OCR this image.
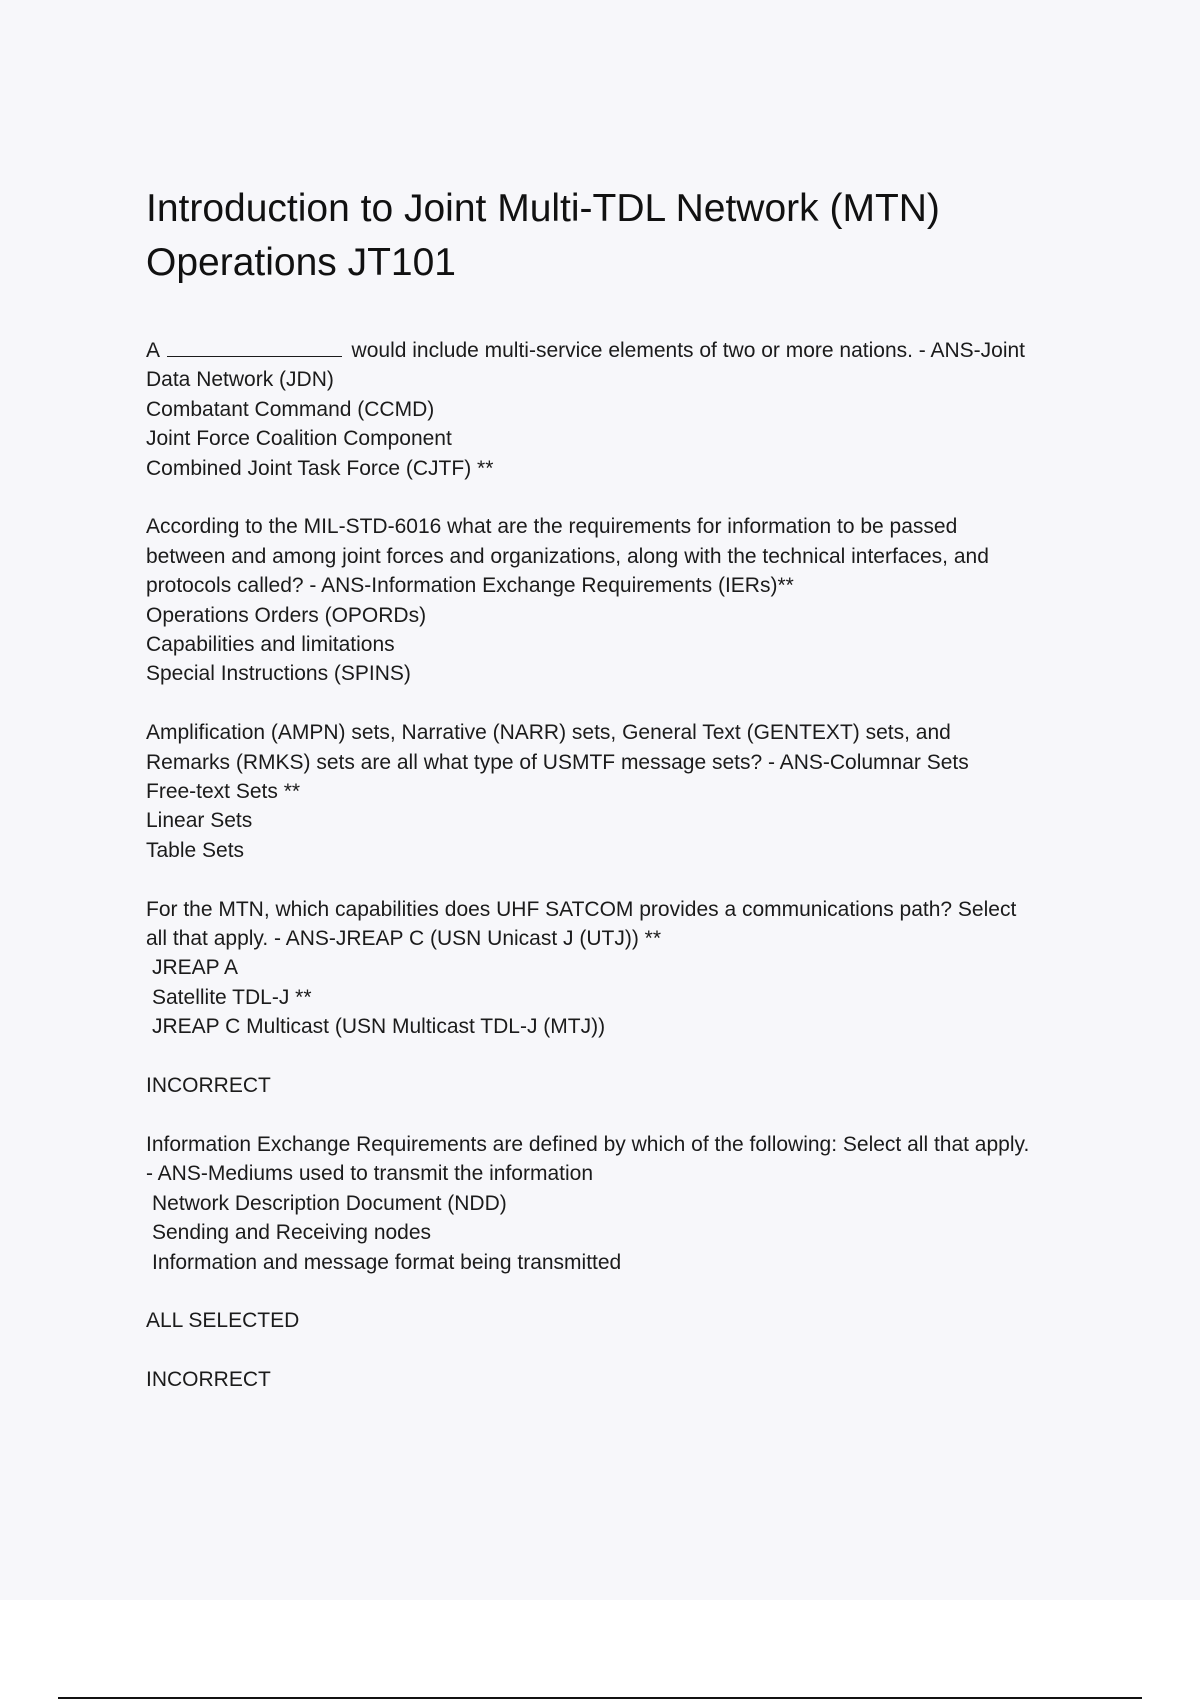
Introduction to Joint Multi-TDL Network (MTN)
Operations JT101
A	would include multi-service elements of two or more nations. - ANS-Joint
Data Network (JDN)
Combatant Command (CCMD)
Joint Force Coalition Component
Combined Joint Task Force (CJTF) **
According to the MIL-STD-6016 what are the requirements for information to be passed
between and among joint forces and organizations, along with the technical interfaces, and
protocols called? - ANS-Information Exchange Requirements (IERs)**
Operations Orders (OPORDs)
Capabilities and limitations
Special Instructions (SPINS)
Amplification (AMPN) sets, Narrative (NARR) sets, General Text (GENTEXT) sets, and
Remarks (RMKS) sets are all what type of USMTF message sets? - ANS-Columnar Sets
Free-text Sets **
Linear Sets
Table Sets
For the MTN, which capabilities does UHF SATCOM provides a communications path? Select
all that apply. - ANS-JREAP C (USN Unicast J (UTJ)) **
JREAP A
Satellite TDL-J **
JREAP C Multicast (USN Multicast TDL-J (MTJ))
INCORRECT
Information Exchange Requirements are defined by which of the following: Select all that apply.
- ANS-Mediums used to transmit the information
Network Description Document (NDD)
Sending and Receiving nodes
Information and message format being transmitted
ALL SELECTED
INCORRECT
